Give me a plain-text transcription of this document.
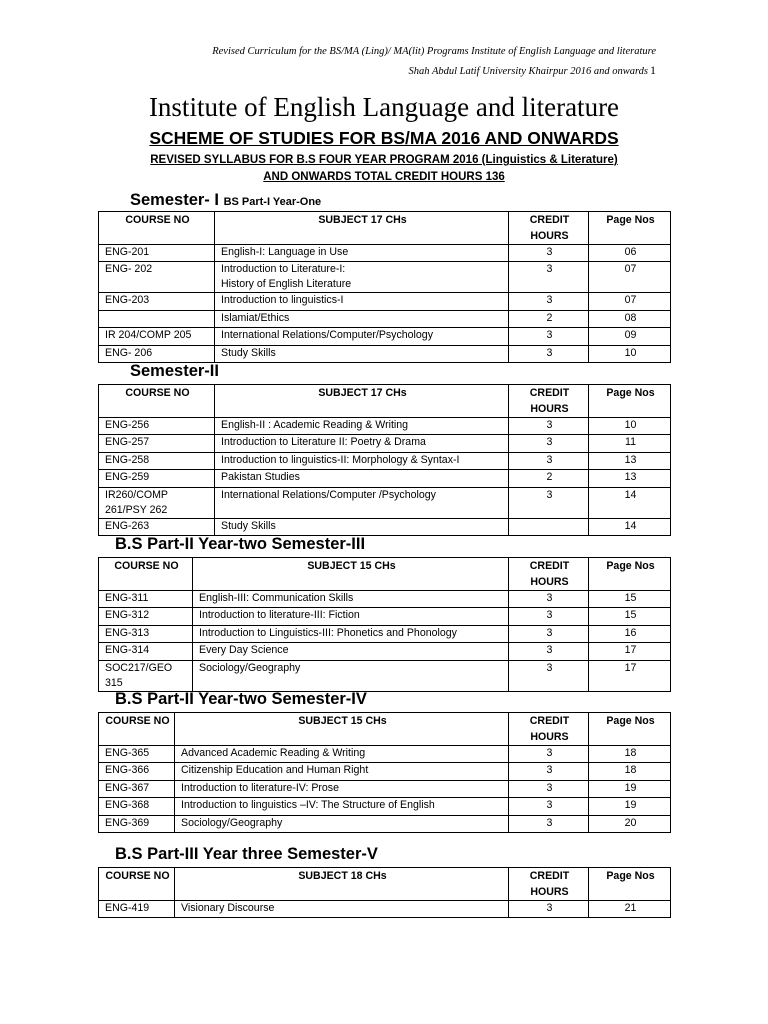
Revised Curriculum for the BS/MA (Ling)/ MA(lit) Programs Institute of English Language and literature
Shah Abdul Latif University Khairpur 2016 and onwards 1
Institute of English Language and literature
SCHEME OF STUDIES FOR BS/MA 2016 AND ONWARDS
REVISED SYLLABUS FOR B.S FOUR YEAR PROGRAM 2016 (Linguistics & Literature)
AND ONWARDS TOTAL CREDIT HOURS 136
Semester- I BS Part-I Year-One
COURSE NO	SUBJECT 17 CHs	CREDIT
HOURS	Page Nos
ENG-201	English-I: Language in Use	3	06
ENG- 202	Introduction to Literature-I:
History of English Literature	3	07
ENG-203	Introduction to linguistics-I	3	07
	Islamiat/Ethics	2	08
IR 204/COMP 205	International Relations/Computer/Psychology	3	09
ENG- 206	Study Skills	3	10
Semester-II
COURSE NO	SUBJECT 17 CHs	CREDIT
HOURS	Page Nos
ENG-256	English-II : Academic Reading & Writing	3	10
ENG-257	Introduction to Literature II: Poetry & Drama	3	11
ENG-258	Introduction to linguistics-II: Morphology & Syntax-I	3	13
ENG-259	Pakistan Studies	2	13
IR260/COMP
261/PSY 262	International Relations/Computer /Psychology	3	14
ENG-263	Study Skills		14
B.S Part-II Year-two Semester-III
COURSE NO	SUBJECT 15 CHs	CREDIT
HOURS	Page Nos
ENG-311	English-III: Communication Skills	3	15
ENG-312	Introduction to literature-III: Fiction	3	15
ENG-313	Introduction to Linguistics-III: Phonetics and Phonology	3	16
ENG-314	Every Day Science	3	17
SOC217/GEO
315	Sociology/Geography	3	17
B.S Part-II Year-two Semester-IV
COURSE NO	SUBJECT 15 CHs	CREDIT
HOURS	Page Nos
ENG-365	Advanced Academic Reading & Writing	3	18
ENG-366	Citizenship Education and Human Right	3	18
ENG-367	Introduction to literature-IV: Prose	3	19
ENG-368	Introduction to linguistics –IV: The Structure of English	3	19
ENG-369	Sociology/Geography	3	20
B.S Part-III Year three Semester-V
COURSE NO	SUBJECT 18 CHs	CREDIT
HOURS	Page Nos
ENG-419	Visionary Discourse	3	21
